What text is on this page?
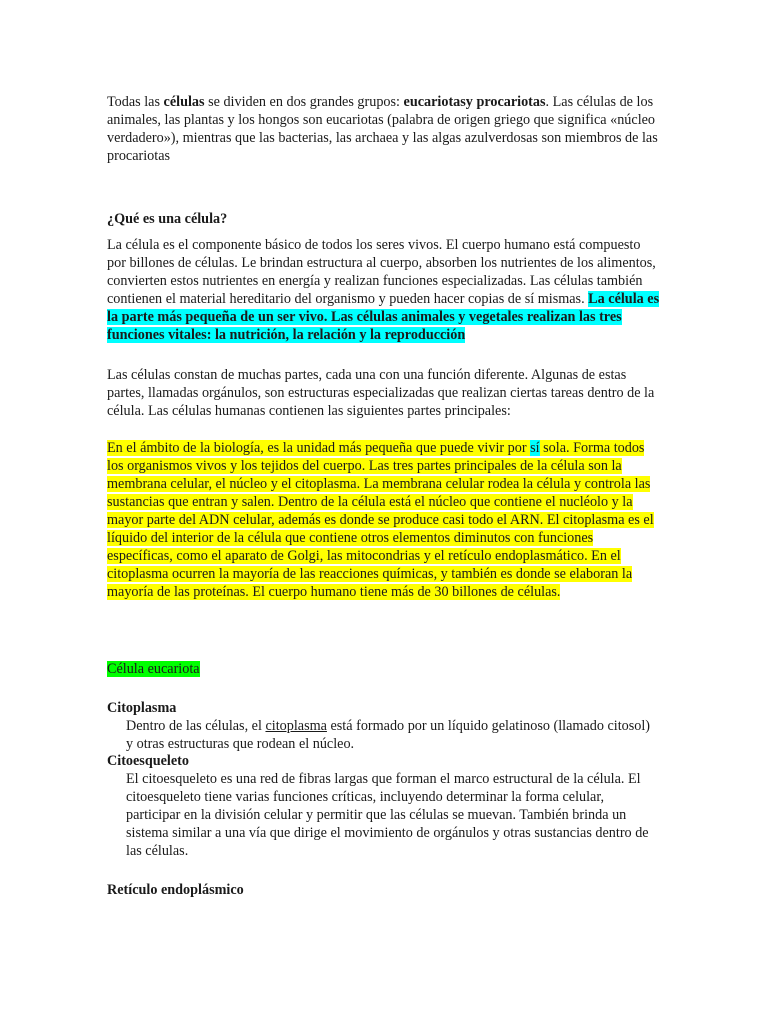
Todas las células se dividen en dos grandes grupos: eucariotasy procariotas. Las células de los animales, las plantas y los hongos son eucariotas (palabra de origen griego que significa «núcleo verdadero»), mientras que las bacterias, las archaea y las algas azulverdosas son miembros de las procariotas

¿Qué es una célula?

La célula es el componente básico de todos los seres vivos. El cuerpo humano está compuesto por billones de células. Le brindan estructura al cuerpo, absorben los nutrientes de los alimentos, convierten estos nutrientes en energía y realizan funciones especializadas. Las células también contienen el material hereditario del organismo y pueden hacer copias de sí mismas. La célula es la parte más pequeña de un ser vivo. Las células animales y vegetales realizan las tres funciones vitales: la nutrición, la relación y la reproducción

Las células constan de muchas partes, cada una con una función diferente. Algunas de estas partes, llamadas orgánulos, son estructuras especializadas que realizan ciertas tareas dentro de la célula. Las células humanas contienen las siguientes partes principales:

En el ámbito de la biología, es la unidad más pequeña que puede vivir por sí sola. Forma todos los organismos vivos y los tejidos del cuerpo. Las tres partes principales de la célula son la membrana celular, el núcleo y el citoplasma. La membrana celular rodea la célula y controla las sustancias que entran y salen. Dentro de la célula está el núcleo que contiene el nucléolo y la mayor parte del ADN celular, además es donde se produce casi todo el ARN. El citoplasma es el líquido del interior de la célula que contiene otros elementos diminutos con funciones específicas, como el aparato de Golgi, las mitocondrias y el retículo endoplasmático. En el citoplasma ocurren la mayoría de las reacciones químicas, y también es donde se elaboran la mayoría de las proteínas. El cuerpo humano tiene más de 30 billones de células.

Célula eucariota

Citoplasma

Dentro de las células, el citoplasma está formado por un líquido gelatinoso (llamado citosol) y otras estructuras que rodean el núcleo.

Citoesqueleto

El citoesqueleto es una red de fibras largas que forman el marco estructural de la célula. El citoesqueleto tiene varias funciones críticas, incluyendo determinar la forma celular, participar en la división celular y permitir que las células se muevan. También brinda un sistema similar a una vía que dirige el movimiento de orgánulos y otras sustancias dentro de las células.

Retículo endoplásmico
